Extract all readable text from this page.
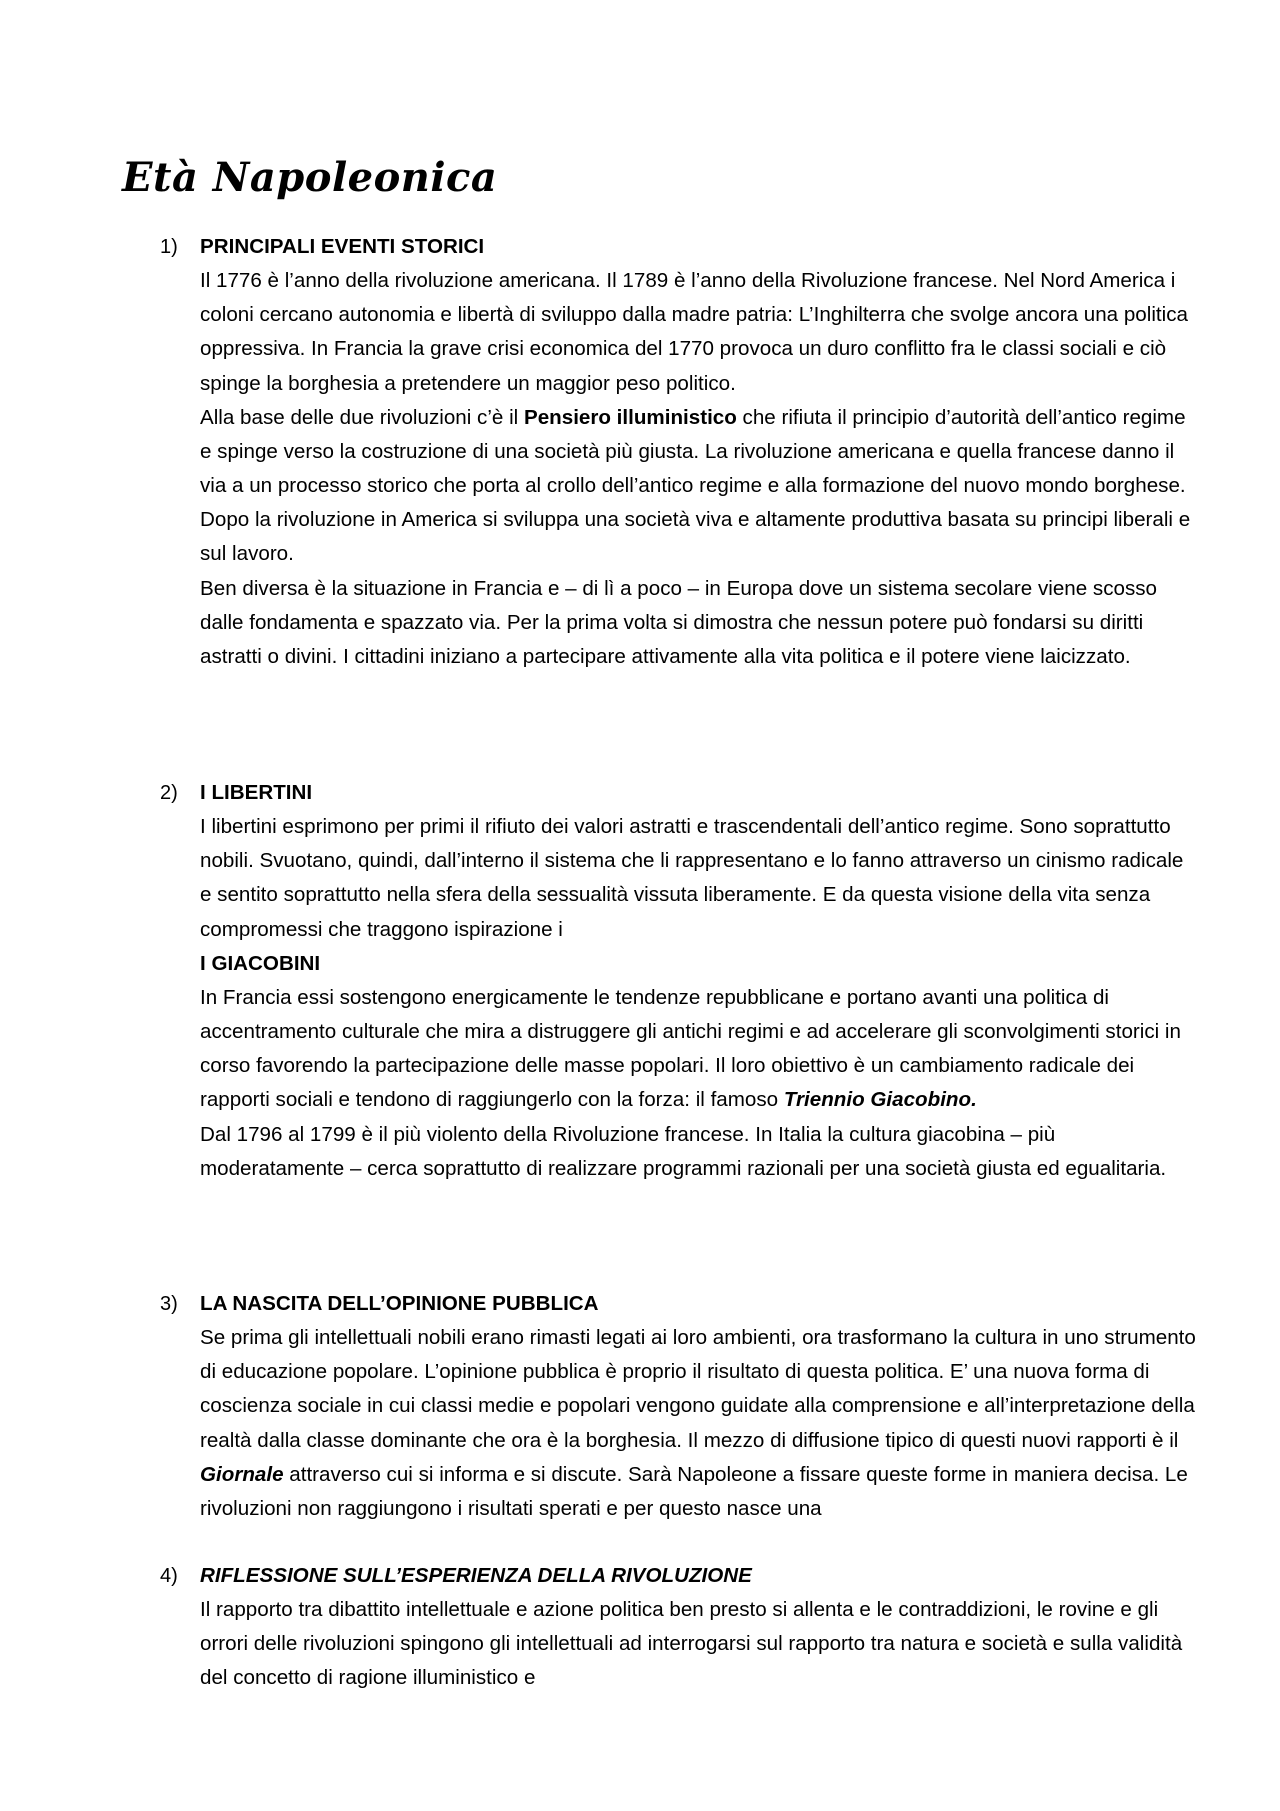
Età Napoleonica
1)	PRINCIPALI EVENTI STORICI

Il 1776 è l’anno della rivoluzione americana. Il 1789 è l’anno della Rivoluzione francese. Nel Nord America i coloni cercano autonomia e libertà di sviluppo dalla madre patria: L’Inghilterra che svolge ancora una politica oppressiva. In Francia la grave crisi economica del 1770 provoca un duro conflitto fra le classi sociali e ciò spinge la borghesia a pretendere un maggior peso politico.

Alla base delle due rivoluzioni c’è il Pensiero illuministico che rifiuta il principio d’autorità dell’antico regime e spinge verso la costruzione di una società più giusta. La rivoluzione americana e quella francese danno il via a un processo storico che porta al crollo dell’antico regime e alla formazione del nuovo mondo borghese.

Dopo la rivoluzione in America si sviluppa una società viva e altamente produttiva basata su principi liberali e sul lavoro.

Ben diversa è la situazione in Francia e – di lì a poco – in Europa dove un sistema secolare viene scosso dalle fondamenta e spazzato via. Per la prima volta si dimostra che nessun potere può fondarsi su diritti astratti o divini. I cittadini iniziano a partecipare attivamente alla vita politica e il potere viene laicizzato.

2)	I LIBERTINI

I libertini esprimono per primi il rifiuto dei valori astratti e trascendentali dell’antico regime. Sono soprattutto nobili. Svuotano, quindi, dall’interno il sistema che li rappresentano e lo fanno attraverso un cinismo radicale e sentito soprattutto nella sfera della sessualità vissuta liberamente. E da questa visione della vita senza compromessi che traggono ispirazione i

I GIACOBINI

In Francia essi sostengono energicamente le tendenze repubblicane e portano avanti una politica di accentramento culturale che mira a distruggere gli antichi regimi e ad accelerare gli sconvolgimenti storici in corso favorendo la partecipazione delle masse popolari. Il loro obiettivo è un cambiamento radicale dei rapporti sociali e tendono di raggiungerlo con la forza: il famoso Triennio Giacobino.

Dal 1796 al 1799 è il più violento della Rivoluzione francese. In Italia la cultura giacobina – più moderatamente – cerca soprattutto di realizzare programmi razionali per una società giusta ed egualitaria.

3)	LA NASCITA DELL’OPINIONE PUBBLICA

Se prima gli intellettuali nobili erano rimasti legati ai loro ambienti, ora trasformano la cultura in uno strumento di educazione popolare. L’opinione pubblica è proprio il risultato di questa politica. E’ una nuova forma di coscienza sociale in cui classi medie e popolari vengono guidate alla comprensione e all’interpretazione della realtà dalla classe dominante che ora è la borghesia. Il mezzo di diffusione tipico di questi nuovi rapporti è il Giornale attraverso cui si informa e si discute. Sarà Napoleone a fissare queste forme in maniera decisa. Le rivoluzioni non raggiungono i risultati sperati e per questo nasce una

4)	RIFLESSIONE SULL’ESPERIENZA DELLA RIVOLUZIONE

Il rapporto tra dibattito intellettuale e azione politica ben presto si allenta e le contraddizioni, le rovine e gli orrori delle rivoluzioni spingono gli intellettuali ad interrogarsi sul rapporto tra natura e società e sulla validità del concetto di ragione illuministico e
